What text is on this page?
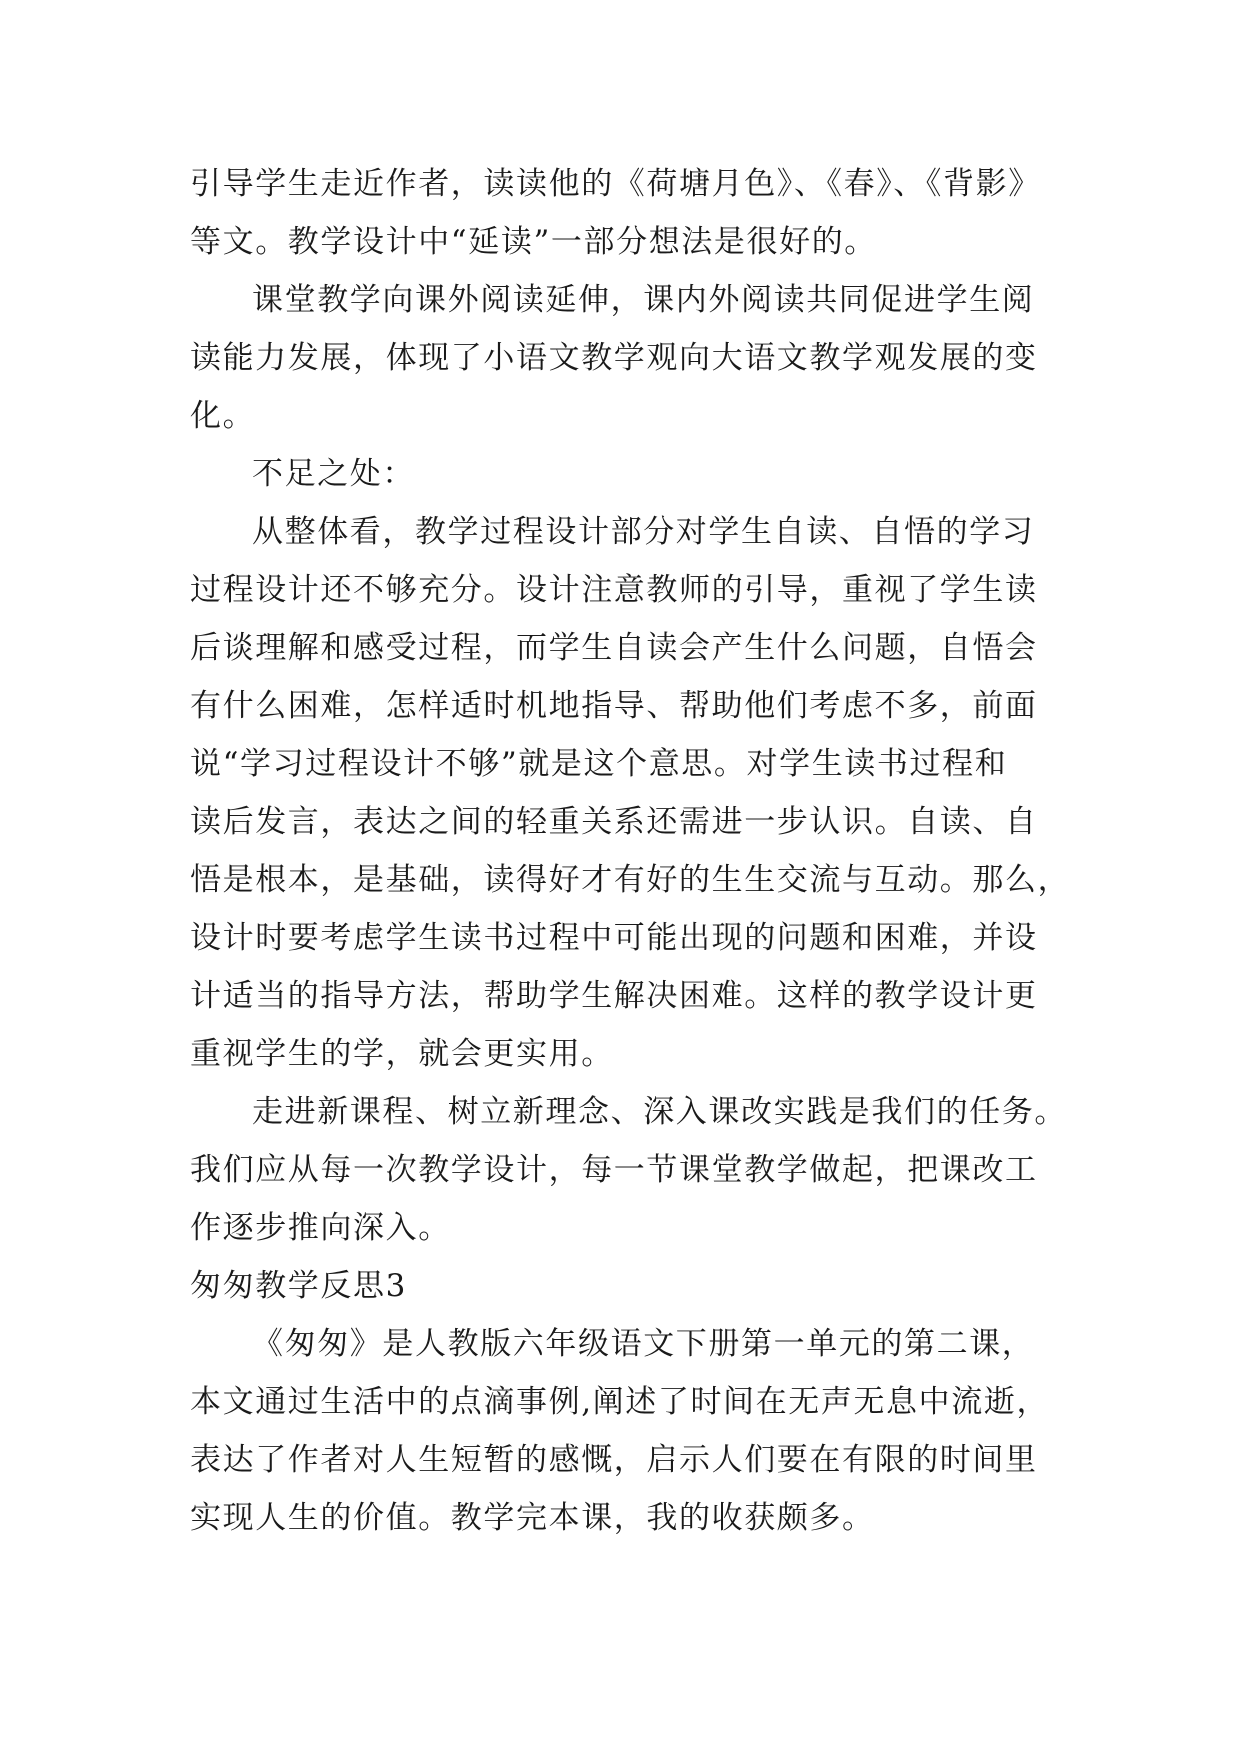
引导学生走近作者，读读他的《荷塘月色》、《春》、《背影》
等文。教学设计中“延读”一部分想法是很好的。
课堂教学向课外阅读延伸，课内外阅读共同促进学生阅
读能力发展，体现了小语文教学观向大语文教学观发展的变
化。
不足之处：
从整体看，教学过程设计部分对学生自读、自悟的学习
过程设计还不够充分。设计注意教师的引导，重视了学生读
后谈理解和感受过程，而学生自读会产生什么问题，自悟会
有什么困难，怎样适时机地指导、帮助他们考虑不多，前面
说“学习过程设计不够”就是这个意思。对学生读书过程和
读后发言，表达之间的轻重关系还需进一步认识。自读、自
悟是根本，是基础，读得好才有好的生生交流与互动。那么，
设计时要考虑学生读书过程中可能出现的问题和困难，并设
计适当的指导方法，帮助学生解决困难。这样的教学设计更
重视学生的学，就会更实用。
走进新课程、树立新理念、深入课改实践是我们的任务。
我们应从每一次教学设计，每一节课堂教学做起，把课改工
作逐步推向深入。
匆匆教学反思3
《匆匆》是人教版六年级语文下册第一单元的第二课，
本文通过生活中的点滴事例,阐述了时间在无声无息中流逝，
表达了作者对人生短暂的感慨，启示人们要在有限的时间里
实现人生的价值。教学完本课，我的收获颇多。
